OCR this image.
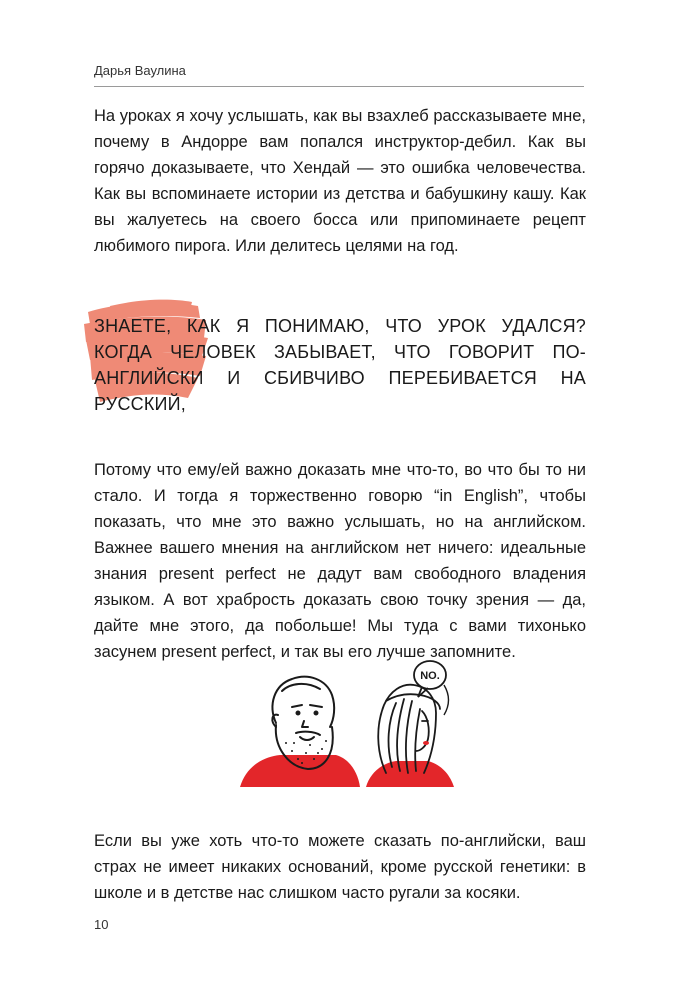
Дарья Ваулина

На уроках я хочу услышать, как вы взахлеб рассказываете мне, почему в Андорре вам попался инструктор-дебил. Как вы горячо доказываете, что Хендай — это ошибка человечества. Как вы вспоминаете истории из детства и бабушкину кашу. Как вы жалуетесь на своего босса или припоминаете рецепт любимого пирога. Или делитесь целями на год.

ЗНАЕТЕ, КАК Я ПОНИМАЮ, ЧТО УРОК УДАЛСЯ? КОГДА ЧЕЛОВЕК ЗАБЫВАЕТ, ЧТО ГОВОРИТ ПО-АНГЛИЙСКИ И СБИВЧИВО ПЕРЕБИВАЕТСЯ НА РУССКИЙ,

Потому что ему/ей важно доказать мне что-то, во что бы то ни стало. И тогда я торжественно говорю “in English”, чтобы показать, что мне это важно услышать, но на английском. Важнее вашего мнения на английском нет ничего: идеальные знания present perfect не дадут вам свободного владения языком. А вот храбрость доказать свою точку зрения — да, дайте мне этого, да побольше! Мы туда с вами тихонько засунем present perfect, и так вы его лучше запомните.

NO.

Если вы уже хоть что-то можете сказать по-английски, ваш страх не имеет никаких оснований, кроме русской генетики: в школе и в детстве нас слишком часто ругали за косяки.

10
